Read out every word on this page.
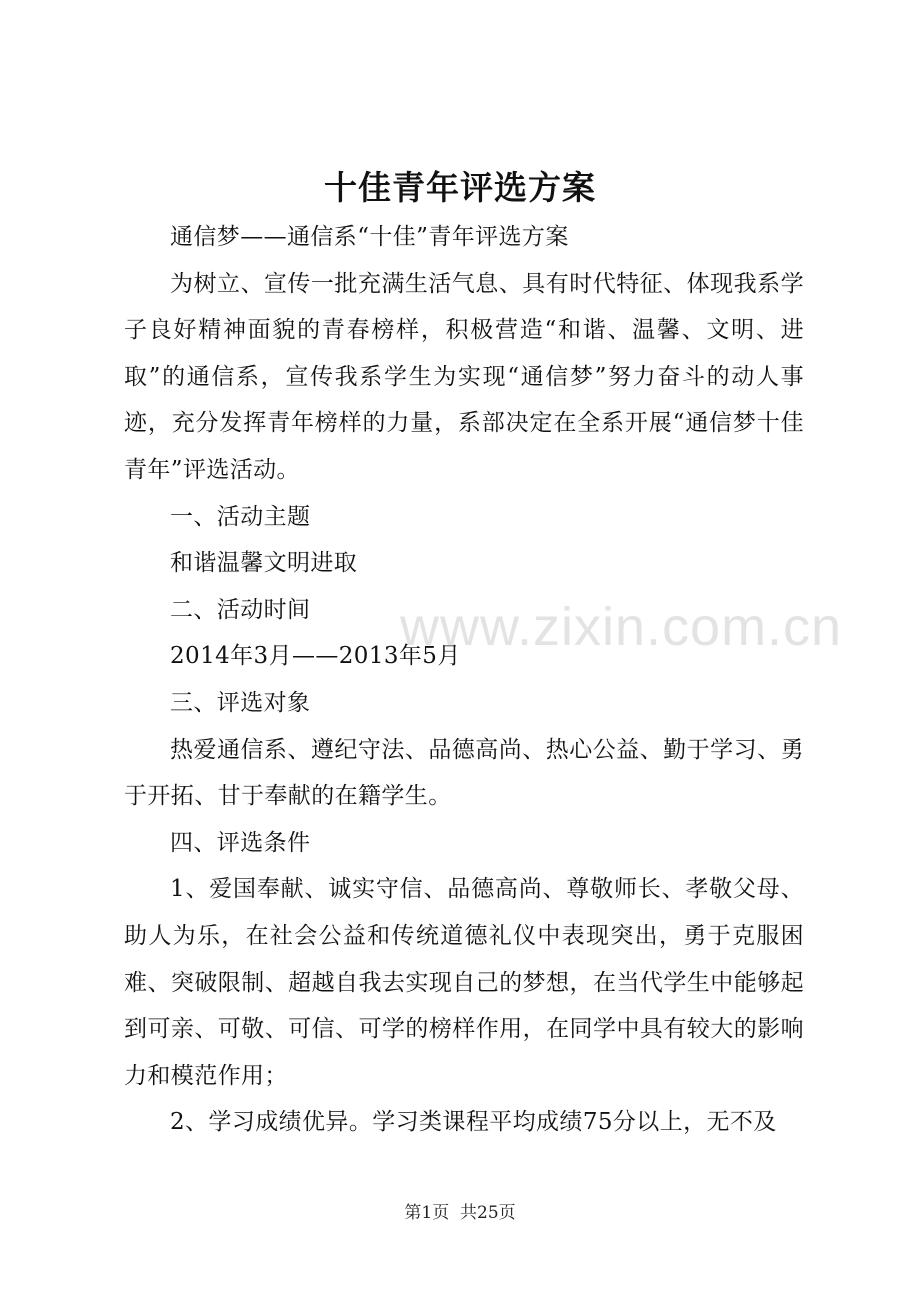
十佳青年评选方案

通信梦——通信系“十佳”青年评选方案

为树立、宣传一批充满生活气息、具有时代特征、体现我系学子良好精神面貌的青春榜样，积极营造“和谐、温馨、文明、进取”的通信系，宣传我系学生为实现“通信梦”努力奋斗的动人事迹，充分发挥青年榜样的力量，系部决定在全系开展“通信梦十佳青年”评选活动。

一、活动主题

和谐温馨文明进取

二、活动时间

2014年3月——2013年5月

三、评选对象

热爱通信系、遵纪守法、品德高尚、热心公益、勤于学习、勇于开拓、甘于奉献的在籍学生。

四、评选条件

1、爱国奉献、诚实守信、品德高尚、尊敬师长、孝敬父母、助人为乐，在社会公益和传统道德礼仪中表现突出，勇于克服困难、突破限制、超越自我去实现自己的梦想，在当代学生中能够起到可亲、可敬、可信、可学的榜样作用，在同学中具有较大的影响力和模范作用；

2、学习成绩优异。学习类课程平均成绩75分以上，无不及

www.zixin.com.cn
第1页  共25页
